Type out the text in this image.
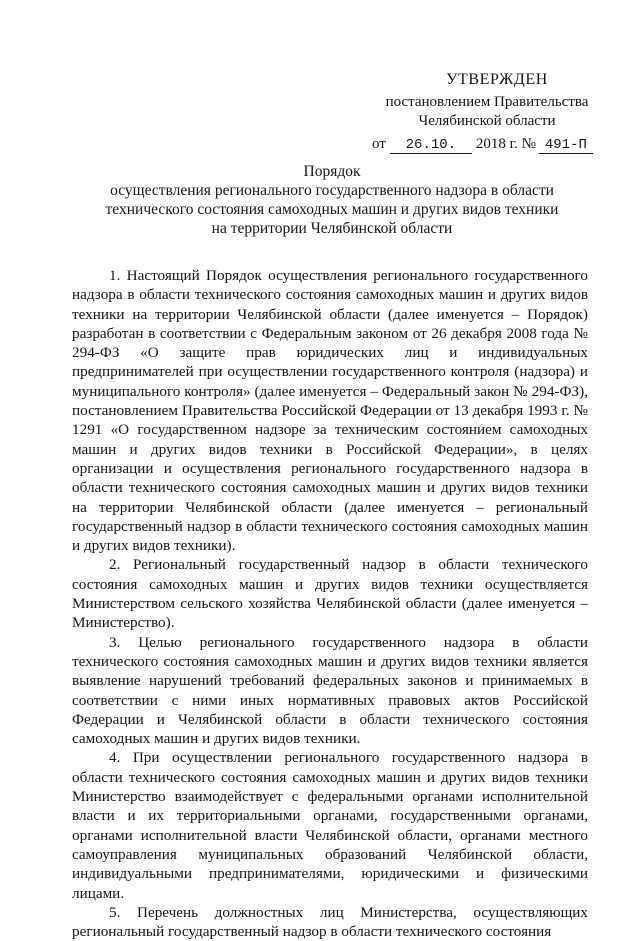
УТВЕРЖДЕН
постановлением Правительства
Челябинской области
от	26.10.	2018 г. № 491-П
Порядок
осуществления регионального государственного надзора в области
технического состояния самоходных машин и других видов техники
на территории Челябинской области

1. Настоящий Порядок осуществления регионального государственного надзора в области технического состояния самоходных машин и других видов техники на территории Челябинской области (далее именуется – Порядок) разработан в соответствии с Федеральным законом от 26 декабря 2008 года № 294-ФЗ «О защите прав юридических лиц и индивидуальных предпринимателей при осуществлении государственного контроля (надзора) и муниципального контроля» (далее именуется – Федеральный закон № 294-ФЗ), постановлением Правительства Российской Федерации от 13 декабря 1993 г. № 1291 «О государственном надзоре за техническим состоянием самоходных машин и других видов техники в Российской Федерации», в целях организации и осуществления регионального государственного надзора в области технического состояния самоходных машин и других видов техники на территории Челябинской области (далее именуется – региональный государственный надзор в области технического состояния самоходных машин и других видов техники).

2. Региональный государственный надзор в области технического состояния самоходных машин и других видов техники осуществляется Министерством сельского хозяйства Челябинской области (далее именуется – Министерство).

3. Целью регионального государственного надзора в области технического состояния самоходных машин и других видов техники является выявление нарушений требований федеральных законов и принимаемых в соответствии с ними иных нормативных правовых актов Российской Федерации и Челябинской области в области технического состояния самоходных машин и других видов техники.

4. При осуществлении регионального государственного надзора в области технического состояния самоходных машин и других видов техники Министерство взаимодействует с федеральными органами исполнительной власти и их территориальными органами, государственными органами, органами исполнительной власти Челябинской области, органами местного самоуправления муниципальных образований Челябинской области, индивидуальными предпринимателями, юридическими и физическими лицами.

5. Перечень должностных лиц Министерства, осуществляющих региональный государственный надзор в области технического состояния
